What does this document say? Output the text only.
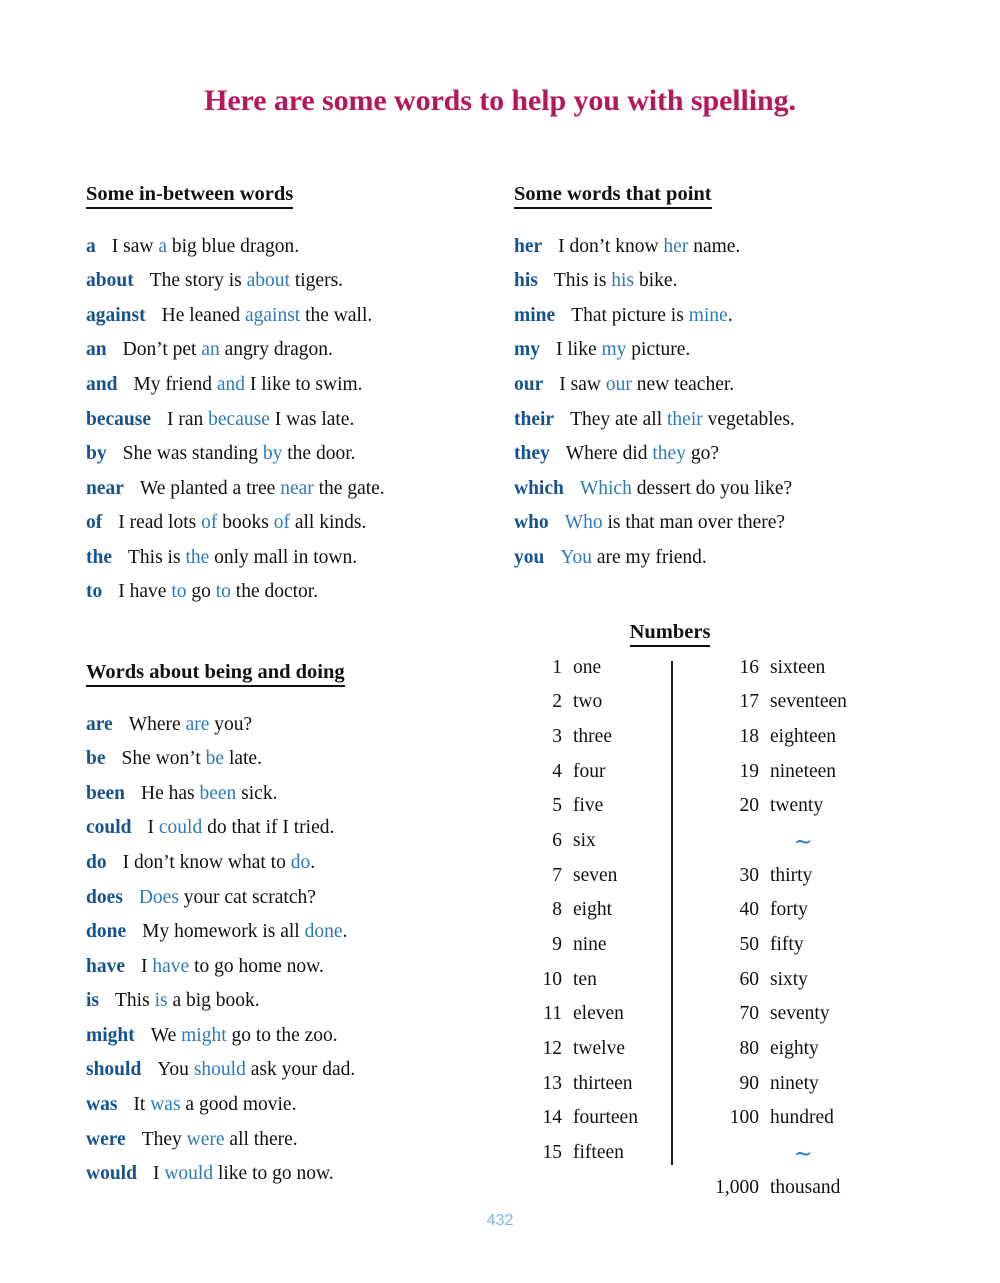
Here are some words to help you with spelling.
Some in-between words
a I saw a big blue dragon.
about The story is about tigers.
against He leaned against the wall.
an Don’t pet an angry dragon.
and My friend and I like to swim.
because I ran because I was late.
by She was standing by the door.
near We planted a tree near the gate.
of I read lots of books of all kinds.
the This is the only mall in town.
to I have to go to the doctor.
Some words that point
her I don’t know her name.
his This is his bike.
mine That picture is mine.
my I like my picture.
our I saw our new teacher.
their They ate all their vegetables.
they Where did they go?
which Which dessert do you like?
who Who is that man over there?
you You are my friend.
Words about being and doing
are Where are you?
be She won’t be late.
been He has been sick.
could I could do that if I tried.
do I don’t know what to do.
does Does your cat scratch?
done My homework is all done.
have I have to go home now.
is This is a big book.
might We might go to the zoo.
should You should ask your dad.
was It was a good movie.
were They were all there.
would I would like to go now.
Numbers
1 one
2 two
3 three
4 four
5 five
6 six
7 seven
8 eight
9 nine
10 ten
11 eleven
12 twelve
13 thirteen
14 fourteen
15 fifteen
16 sixteen
17 seventeen
18 eighteen
19 nineteen
20 twenty
∼
30 thirty
40 forty
50 fifty
60 sixty
70 seventy
80 eighty
90 ninety
100 hundred
∼
1,000 thousand
432
